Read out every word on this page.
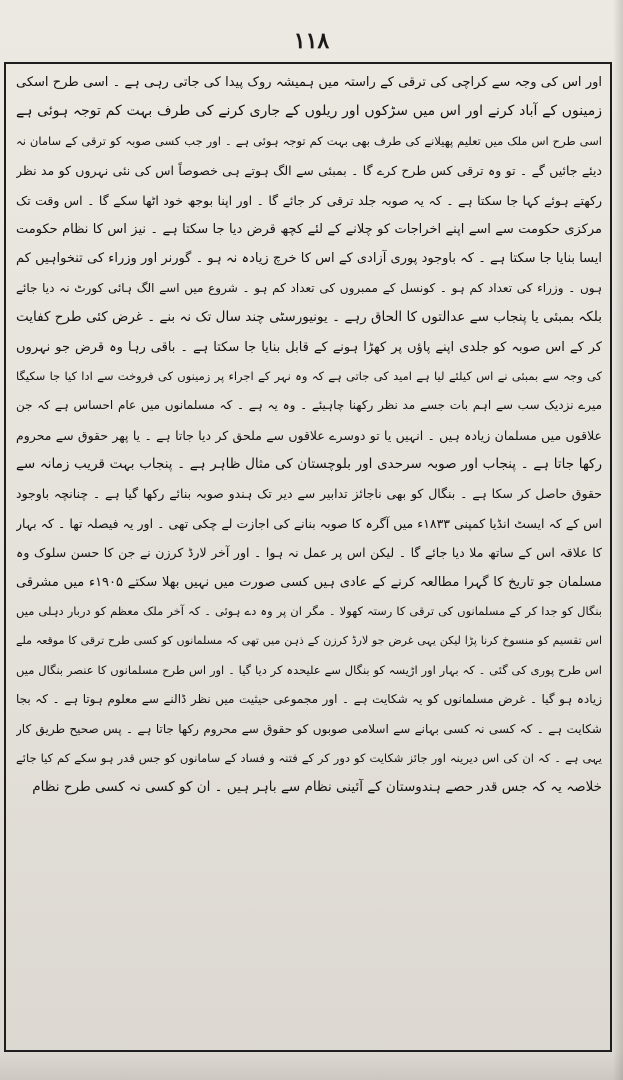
۱۱۸
اور اس کی وجہ سے کراچی کی ترقی کے راستہ میں ہمیشہ روک پیدا کی جاتی رہی ہے ۔ اسی طرح اسکی
زمینوں کے آباد کرنے اور اس میں سڑکوں اور ریلوں کے جاری کرنے کی طرف بہت کم توجہ ہوئی ہے
اسی طرح اس ملک میں تعلیم پھیلانے کی طرف بھی بہت کم توجہ ہوئی ہے ۔ اور جب کسی صوبہ کو ترقی کے سامان نہ
دیئے جائیں گے ۔ تو وہ ترقی کس طرح کرے گا ۔ بمبئی سے الگ ہوتے ہی خصوصاً اس کی نئی نہروں کو مد نظر
رکھتے ہوئے کہا جا سکتا ہے ۔ کہ یہ صوبہ جلد ترقی کر جائے گا ۔ اور اپنا بوجھ خود اٹھا سکے گا ۔ اس وقت تک
مرکزی حکومت سے اسے اپنے اخراجات کو چلانے کے لئے کچھ قرض دیا جا سکتا ہے ۔ نیز اس کا نظام حکومت
ایسا بنایا جا سکتا ہے ۔ کہ باوجود پوری آزادی کے اس کا خرچ زیادہ نہ ہو ۔ گورنر اور وزراء کی تنخواہیں کم
ہوں ۔ وزراء کی تعداد کم ہو ۔ کونسل کے ممبروں کی تعداد کم ہو ۔ شروع میں اسے الگ ہائی کورٹ نہ دیا جائے
بلکہ بمبئی یا پنجاب سے عدالتوں کا الحاق رہے ۔ یونیورسٹی چند سال تک نہ بنے ۔ غرض کئی طرح کفایت
کر کے اس صوبہ کو جلدی اپنے پاؤں پر کھڑا ہونے کے قابل بنایا جا سکتا ہے ۔ باقی رہا وہ قرض جو نہروں
کی وجہ سے بمبئی نے اس کیلئے لیا ہے امید کی جاتی ہے کہ وہ نہر کے اجراء پر زمینوں کی فروخت سے ادا کیا جا سکیگا
میرے نزدیک سب سے اہم بات جسے مد نظر رکھنا چاہیئے ۔ وہ یہ ہے ۔ کہ مسلمانوں میں عام احساس ہے کہ جن
علاقوں میں مسلمان زیادہ ہیں ۔ انہیں یا تو دوسرے علاقوں سے ملحق کر دیا جاتا ہے ۔ یا پھر حقوق سے محروم
رکھا جاتا ہے ۔ پنجاب اور صوبہ سرحدی اور بلوچستان کی مثال ظاہر ہے ۔ پنجاب بہت قریب زمانہ سے
حقوق حاصل کر سکا ہے ۔ بنگال کو بھی ناجائز تدابیر سے دیر تک ہندو صوبہ بنائے رکھا گیا ہے ۔ چنانچہ باوجود
اس کے کہ ایسٹ انڈیا کمپنی ۱۸۳۳ء میں آگرہ کا صوبہ بنانے کی اجازت لے چکی تھی ۔ اور یہ فیصلہ تھا ۔ کہ بہار
کا علاقہ اس کے ساتھ ملا دیا جائے گا ۔ لیکن اس پر عمل نہ ہوا ۔ اور آخر لارڈ کرزن نے جن کا حسن سلوک وہ
مسلمان جو تاریخ کا گہرا مطالعہ کرنے کے عادی ہیں کسی صورت میں نہیں بھلا سکتے ۱۹۰۵ء میں مشرقی
بنگال کو جدا کر کے مسلمانوں کی ترقی کا رستہ کھولا ۔ مگر ان پر وہ دے ہوئی ۔ کہ آخر ملک معظم کو دربار دہلی میں
اس تقسیم کو منسوخ کرنا پڑا لیکن یہی غرض جو لارڈ کرزن کے ذہن میں تھی کہ مسلمانوں کو کسی طرح ترقی کا موقعہ ملے
اس طرح پوری کی گئی ۔ کہ بہار اور اڑیسہ کو بنگال سے علیحدہ کر دیا گیا ۔ اور اس طرح مسلمانوں کا عنصر بنگال میں
زیادہ ہو گیا ۔ غرض مسلمانوں کو یہ شکایت ہے ۔ اور مجموعی حیثیت میں نظر ڈالنے سے معلوم ہوتا ہے ۔ کہ بجا
شکایت ہے ۔ کہ کسی نہ کسی بہانے سے اسلامی صوبوں کو حقوق سے محروم رکھا جاتا ہے ۔ پس صحیح طریق کار
یہی ہے ۔ کہ ان کی اس دیرینہ اور جائز شکایت کو دور کر کے فتنہ و فساد کے سامانوں کو جس قدر ہو سکے کم کیا جائے
خلاصہ یہ کہ جس قدر حصے ہندوستان کے آئینی نظام سے باہر ہیں ۔ ان کو کسی نہ کسی طرح نظام
